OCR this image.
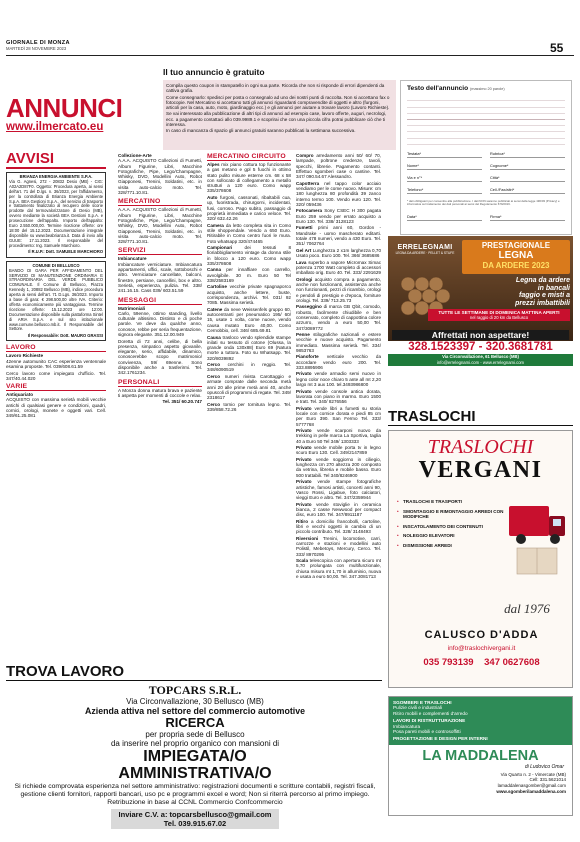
GIORNALE DI MONZA
MARTEDÌ 28 NOVEMBRE 2023	55
ANNUNCI
www.ilmercato.eu
Il tuo annuncio è gratuito

Compila questo coupon in stampatello in ogni sua parte. Ricorda che non si risponde di errori dipendenti da cattiva grafia.

Come consegnarlo: spedisci per posta o consegnalo ad uno dei nostri punti di raccolta. Non si accettano fax o fotocopie. Nel Mercatino si accettano tutti gli annunci riguardanti compravendite di oggetti e altro (furgoni, articoli per la casa, auto, moto, giardinaggio ecc.) e gli annunci per aiutare a trovare lavoro (Lavoro Richieste).

Se vai interessato alla pubblicazione di altri tipi di annunci ad esempio case, lavoro offerte, auguri, necrologi, ecc. a pagamento contattaci allo 039.9989.1 e scoprirai che con una piccola cifra potrai pubblicare ciò che ti interessa.

In caso di mancanza di spazio gli annunci gratuiti saranno pubblicati la settimana successiva.

Testo dell'annuncio (massimo 20 parole)
Testata*	Rubrica*
Nome*	Cognome*
Via e n°*	Città*
Telefono*	Cell./Fax/altri*
* dati obbligatori per consentire alla pubblicazione. I dati NON saranno pubblicati ai sensi della legge 196/03 (Privacy) e informativa sul trattamento dei dati personali ai sensi del Regolamento 679/2016.
Data*	Firma*
AVVISI
BRIANZA ENERGIA AMBIENTE S.P.A.

Via G. Agnesi, 272 - 20832 Desio (MB) - CIG: A02A2D87F0. Oggetto: Procedura aperta, ai sensi dell'art. 71 del D.lgs. n. 36/2023, per l'affidamento, per la controllata di Brianza Energia Ambiente S.p.A. BEA Gestioni S.p.A., del servizio di trasporto e trattamento finalizzato al recupero delle scorie prodotte dal termovalorizzatore di Desio (MB), ovvero mediante la società BEA Gestioni S.p.A. e prosecuzione dell'appalto. Importo dell'appalto: Euro 2.550.000,00. Termine ricezione offerte: ore 18:00 del 15.12.2023. Documentazione integrale disponibile su www.beabrianza.it. Data di invio alla GUUE: 17.11.2023. Il responsabile del procedimento: Ing. Samuele Marchioro.

Il R.U.P.: Dott. SAMUELE MARCHIORO
COMUNE DI BELLUSCO

BANDO DI GARA PER AFFIDAMENTO DEL SERVIZIO DI MANUTENZIONE ORDINARIA E STRAORDINARIA DEL VERDE PUBBLICO COMUNALE. Il Comune di Bellusco, Piazza Kennedy 1, 20882 Bellusco (MB), indice procedura aperta ai sensi dell'art. 71 D.Lgs. 36/2023. Importo a base di gara: € 298.500,00 oltre IVA. Criterio: offerta economicamente più vantaggiosa. Termine ricezione offerte: 15.12.2023 ore 12:00. Documentazione disponibile sulla piattaforma Sintel di ARIA S.p.A. e sul sito istituzionale www.comune.bellusco.mb.it. Il Responsabile del Settore.

Il Responsabile: Dott. MAURO GRASSI
LAVORO
Lavoro Richieste

42enne automunito CAC esperienza ventennale esamina proposte. Tel. 039/608.61.59

Cerco lavoro come impiegato d'ufficio. Tel. 347/40.44.020

VARIE
Antiquariato

ACQUISTO con massima serietà mobili vecchie antichi di qualsiasi genere e condizioni, quadri, cornici, orologi, monete e oggetti vari. Cell. 349/61.25.081

Collezione-Arte

A.A.A. ACQUISTO Collezioni di Fumetti, Album Figurine, Libri, Macchine Fotografiche, Pipe, Lego/Champagne, Whisky, DVD, Modellini Auto, Robot Giapponesi, Trenini, Soldatini, etc. in visita auto-calcio moto. Tel. 328/771.10.81.

MERCATINO

A.A.A. ACQUISTO Collezioni di Fumetti, Album Figurine, Libri, Macchine Fotografiche, Pipe, Lego/Champagne, Whisky, DVD, Modellini Auto, Robot Giapponesi, Trenini, Soldatini, etc. in visita auto-calcio moto. Tel. 328/771.10.81.

SERVIZI
Imbiancature

Imbiancature verniciature. Imbiancatura appartamenti, uffici, scale, sottoboschi e altro. Verniciature cancellate, balconi, finestre, persiane, cancellini, box e altro. Serietà, esperienza, pulizia. Tel. 338/ 241.16.15. Cass 039/ 603.51.59

MESSAGGI
Matrimoniali

Carlo, 59enne, ottimo standing, livello culturale altissimo. Distinto e di poche parole. Ve deve da qualche anno, conosce, rebbe per seria frequentazione, signora elegante. 351.12.00.949

Doretta di 72 anni, celibe, di bella presenza, simpatico aspetto giovanile, elegante, serio, affidabile, dinamico, conoscerebbe scopo matrimonio/ convivenza, 59/ 69enne. Sono disponibile anche a trasferirmi. Tel. 342.1761234.

PERSONALI

A Monza donna matura brava e paziente ti aspetta per momenti di coccole e relax.

Tel. 351/ 60.20.747
MERCATINO CIRCUITO

Alpes mix piano cottura top funzionante a gas metano e gpl 5 fuochi in ottimo stato pulito misure esterne cm. 68 x 58 con sollocato di collegamento a metallo strutturi a 120 euro. Como wapp 335/378608

Auto furgoni, cassonati, ribaltabili cua, up, fuoristrada, chirurgorni, incidentati, fusi, corroso. Pago subito, passaggio di proprietà immediata e carico veloce. Tel. 320/ 632.42.26

Camera da letto completa sita in Como stile shoppendale. Vendo a 650 Euro. Ritirabile in Como centro fuori le mura. Foto whatsapp 320/474465

Campionari	dei tessuti 8 fioriabbigliamento vintage da donna stile in blocco a 120 euro. Como wapp 335/378608

Canna per innaffiare con carrello, avvolgibile. 30 m. Euro 50 Tel 338/2583169

Cartoline vecchie private spagnaporco acquisto, anche lettere, buste, corrispondenza, archivi. Tel. 031/ 92 7085. Massima serietà.

Catene da neve Weissenfels gruppo 60, autocentranti per pneumatico 195/ 60/ 15, usate 1 volta, come nuove, vendo causa mutato Euro 40,00. Como Cernobbio, cell. 346/ 685.69.81

Causa trasloco vendo splendide stampe inilati su tessuto di cotone (Olussa, la grande onda 130x88) Euro 69 (Natura morte a tuttora. Foto su Whatsapp. Tel. 320/8039892

Cerco cerchini in reggio. Tel. 348/6090519

Cerco numeri rivista Carottaggio e armate comprate dalle seconda metà anni 20 alle prime metà anni 40, anche opuscoli di programmi di regate. Tel. 349/ 2318617

Cerco tornio per tornitura legno. Tel. 339/858.72.26

Compro arredamento anni 50/ 60/ 70, lampade, poltrone credenze, tavoli, specchi, librerie. Pagamento contanti. Effettuo sgomberi case o cantine. Tel. 347/ 090.54.67 Alessandro.

Capotterra nel tappo color acciaio vendiamo per le come nuovo. Misure: cm 180 lunghezza 80 profondità 39 zanco interno termo 100. Vendo euro 120. Tel. 320/ 059436

Fotocamera Sony CSEC H 300 pagata Euro 259 vendo per errato acquisto a Euro 130. Tel. 338/ 3128123

Fumetti primi anni 60, Gordon - Mandrake - uomo mascherato editarti. totale 478 numeri, vendo a 430 Euro. Tel. 351/ 7062764

Gel Art Lunghezza 2 x1m larghezza 0,70 Usato poco. Euro 100. Tel. 366/ 3685686

Lava superbo a vapore Micromax Simac potenza 1700 Watt completo di accessori imballato orig. Euro 40. Tel. 333/ 2291629

Orologi acquisto compra a pagamento, anche non funzionanti, assistenza anche non funzionanti, pezzi di ricambio, orologi e pendoli di prestigio e d'epoca, forniture orologi. Tel. 339/ 713.25.73

Passeggino di marca GB Qbit, comodo, robusto, facilmente chiudibile e ben conservato, completo di cappottina colore azzurro, vendo a euro 50,00 Tel. 347/3089772

Penne stilografiche nazionali e estere vecchie e nuove acquisto. Pagamento immediato. Massima serietà. Tel. 334/ 9853763

Pianoforte verticale vecchio da accordare vendo euro 200. Tel. 333.8895906

Privato vende armadio semi nuovo in legno color noce chiaro 5 ante all mt 2,20 largo mt 3 aux 100. tel.3493986800

Privato vende console antica dorata, lavorata con piano in marmo. Euro 1500 e tratt. Tel. 340/ 8276556

Privato vende libri a fumetti su storia locale con cornice dorata e piedi 85 cm per Euro 390. San Fermo Tel. 333/ 5777768

Privato vende scarponi nuovo da trekking in pelle marca La Sportiva, taglia 40 a Euro 50 Tel 349/ 1303333

Privato vende mobile porta tv in legno scuro Euro 130. Cell. 349/2147859

Privato vende soggiorno in ciliegio, lunghezza cm 270 altezza 200 composto da vetrina, libreria e mobile basso. Euro 500 trattabili. Tel 340/8246900

Privato vende stampe fotografiche artistiche, famosi artisti, concerti anni 90, Vasco Rossi, Ligabue, foto calciatori, vieggi Euro e altro. Tel. 347/2359944

Privato vende stoviglie in ceramica bianca, 2 casse Newwood per compact disc, euro 100. Tel. 347/8911187

Ritiro a domicilio francobolli, cartoline, libri e vecchi oggetti in cambio di un piccolo contributo. Tel. 328/ 3148493

Riversioni Trenini, locomotive, carri, carrozze e stazioni e modellini auto Polistil, Mebetoys, Mercury, Cerco. Tel. 333/ 8970295

Scala telescopica con apertura sicuro mt 5,70 prolungata con multifunzionale, chiusa misura mt 1,70 in alluminio, nuova e usata a euro 50,00. Tel. 347.3081713

PRESTAGIONALE
LEGNA
DA ARDERE 2023
ERRELEGNAMI
LEGNA DA ARDERE · PELLET & STUFE
Legna da ardere
in bancali
faggio e misti a
prezzi imbattibili
TUTTE LE SETTIMANE DI DOMENICA MATTINA APERTI
nel raggio di 20 km da Bellusco
Affrettati non aspettare!
328.1523397 - 320.3681781
Via Circonvallazione, 61 Bellusco (MB)
info@errelegnami.com - www.errelegnami.com
TRASLOCHI
TRASLOCHI
VERGANI
• TRASLOCHI E TRASPORTI
• SMONTAGGIO E RIMONTAGGIO ARREDI CON MODIFICHE
• INSCATOLAMENTO DEI CONTENUTI
• NOLEGGIO ELEVATORI
• DISMISSIONE ARREDI
dal 1976
CALUSCO D'ADDA
info@traslochivergani.it
035 793139    347 0627608
SGOMBERI E TRASLOCHI
Pulizie civili e industriali
Ritiro mobili e complementi d'arredo
LAVORI DI RISTRUTTURAZIONE
Imbiancatura
Posa pareti mobili e controsoffitti
PROGETTAZIONE E DESIGN PER INTERNI
LA MADDALENA
di Ludovico Omar
Via Quarto n. 2 - Vimercate (MB)
Cell: 331.5621014
lamaddalenasgomber@gmail.com
www.sgomberilamaddalena.com
TROVA LAVORO
TOPCARS S.R.L.
Via Circonvallazione, 30 Bellusco (MB)
Azienda attiva nel settore del commercio automotive
RICERCA
per propria sede di Bellusco
da inserire nel proprio organico con mansioni di
IMPIEGATA/O
AMMINISTRATIVA/O
Si richiede comprovata esperienza nel settore amministrativo: registrazioni documenti e scritture contabili, registri fiscali, gestione clienti fornitori, rapporti bancari, uso pc e programmi excel e word; Non si riterrà percorso al primo impiego.
Retribuzione in base al CCNL Commercio Confcommercio
Inviare C.V. a: topcarsbellusco@gmail.com
Tel. 039.915.67.02
